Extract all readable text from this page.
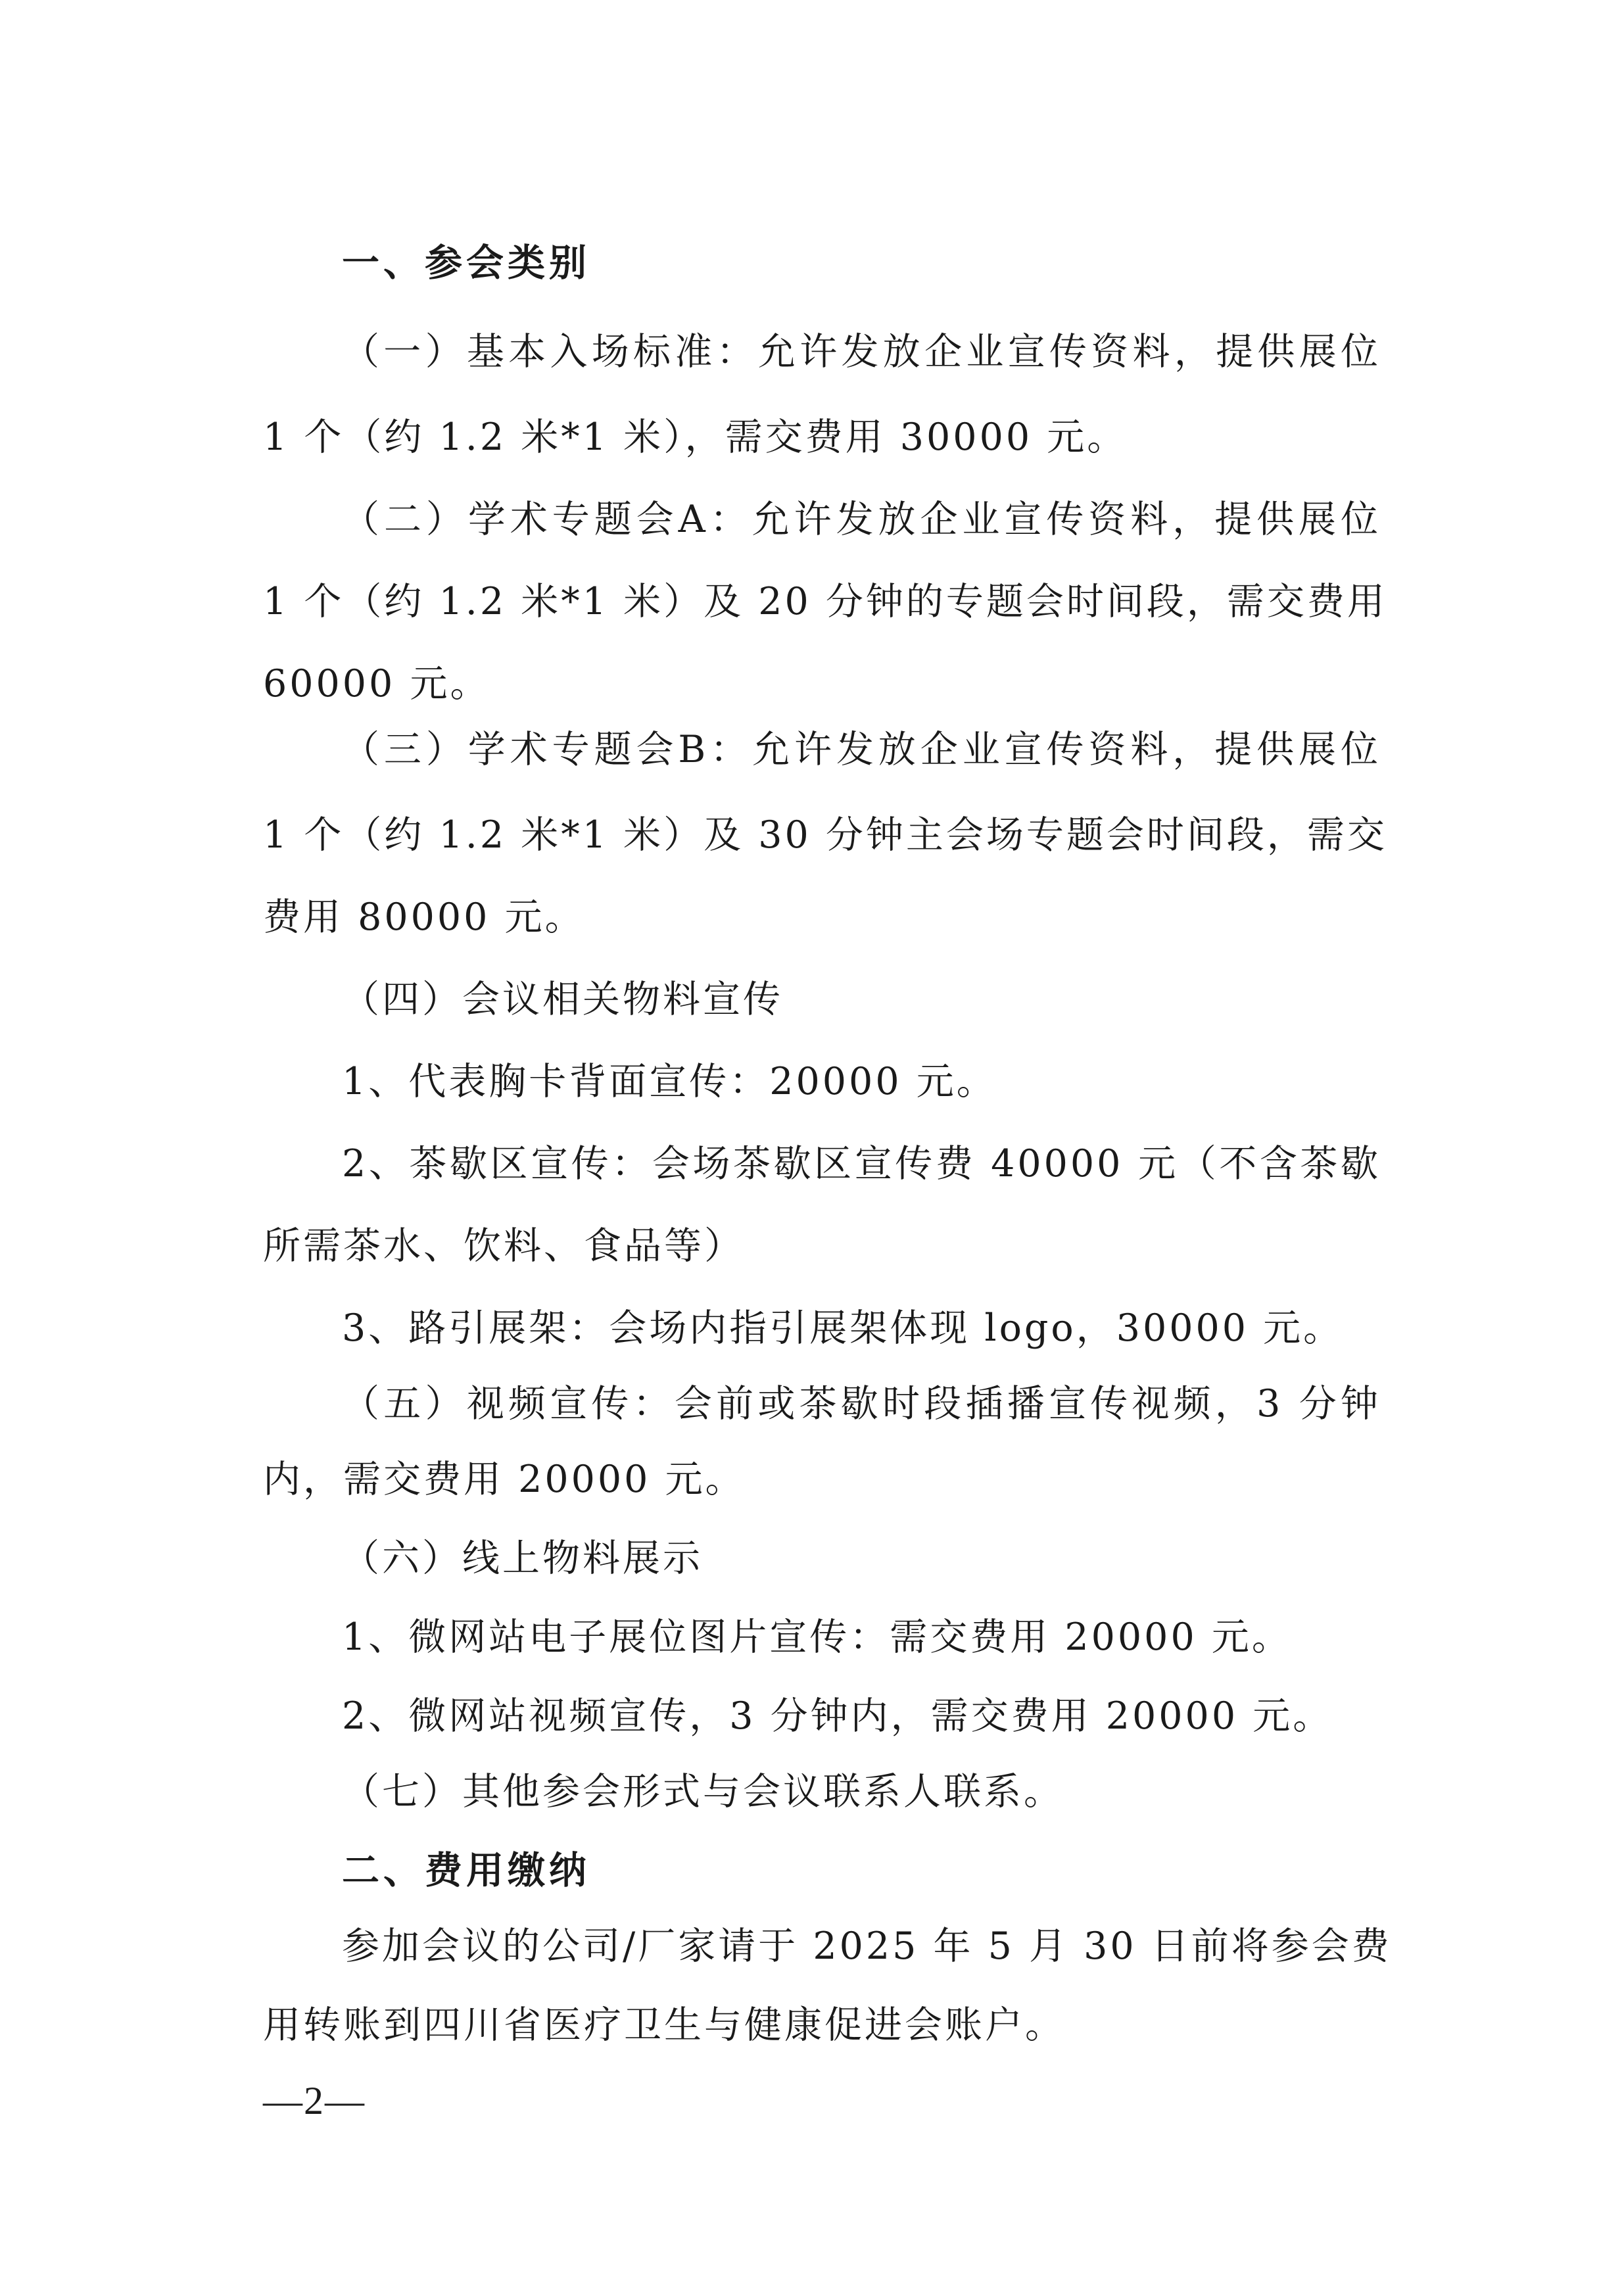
一、参会类别
（一）基本入场标准：允许发放企业宣传资料，提供展位
1 个（约 1.2 米*1 米），需交费用 30000 元。
（二）学术专题会A：允许发放企业宣传资料，提供展位
1 个（约 1.2 米*1 米）及 20 分钟的专题会时间段，需交费用
60000 元。
（三）学术专题会B：允许发放企业宣传资料，提供展位
1 个（约 1.2 米*1 米）及 30 分钟主会场专题会时间段，需交
费用 80000 元。
（四）会议相关物料宣传
1、代表胸卡背面宣传：20000 元。
2、茶歇区宣传：会场茶歇区宣传费 40000 元（不含茶歇
所需茶水、饮料、食品等）
3、路引展架：会场内指引展架体现 logo，30000 元。
（五）视频宣传：会前或茶歇时段插播宣传视频，3 分钟
内，需交费用 20000 元。
（六）线上物料展示
1、微网站电子展位图片宣传：需交费用 20000 元。
2、微网站视频宣传，3 分钟内，需交费用 20000 元。
（七）其他参会形式与会议联系人联系。
二、费用缴纳
参加会议的公司/厂家请于 2025 年 5 月 30 日前将参会费
用转账到四川省医疗卫生与健康促进会账户。
—2—
